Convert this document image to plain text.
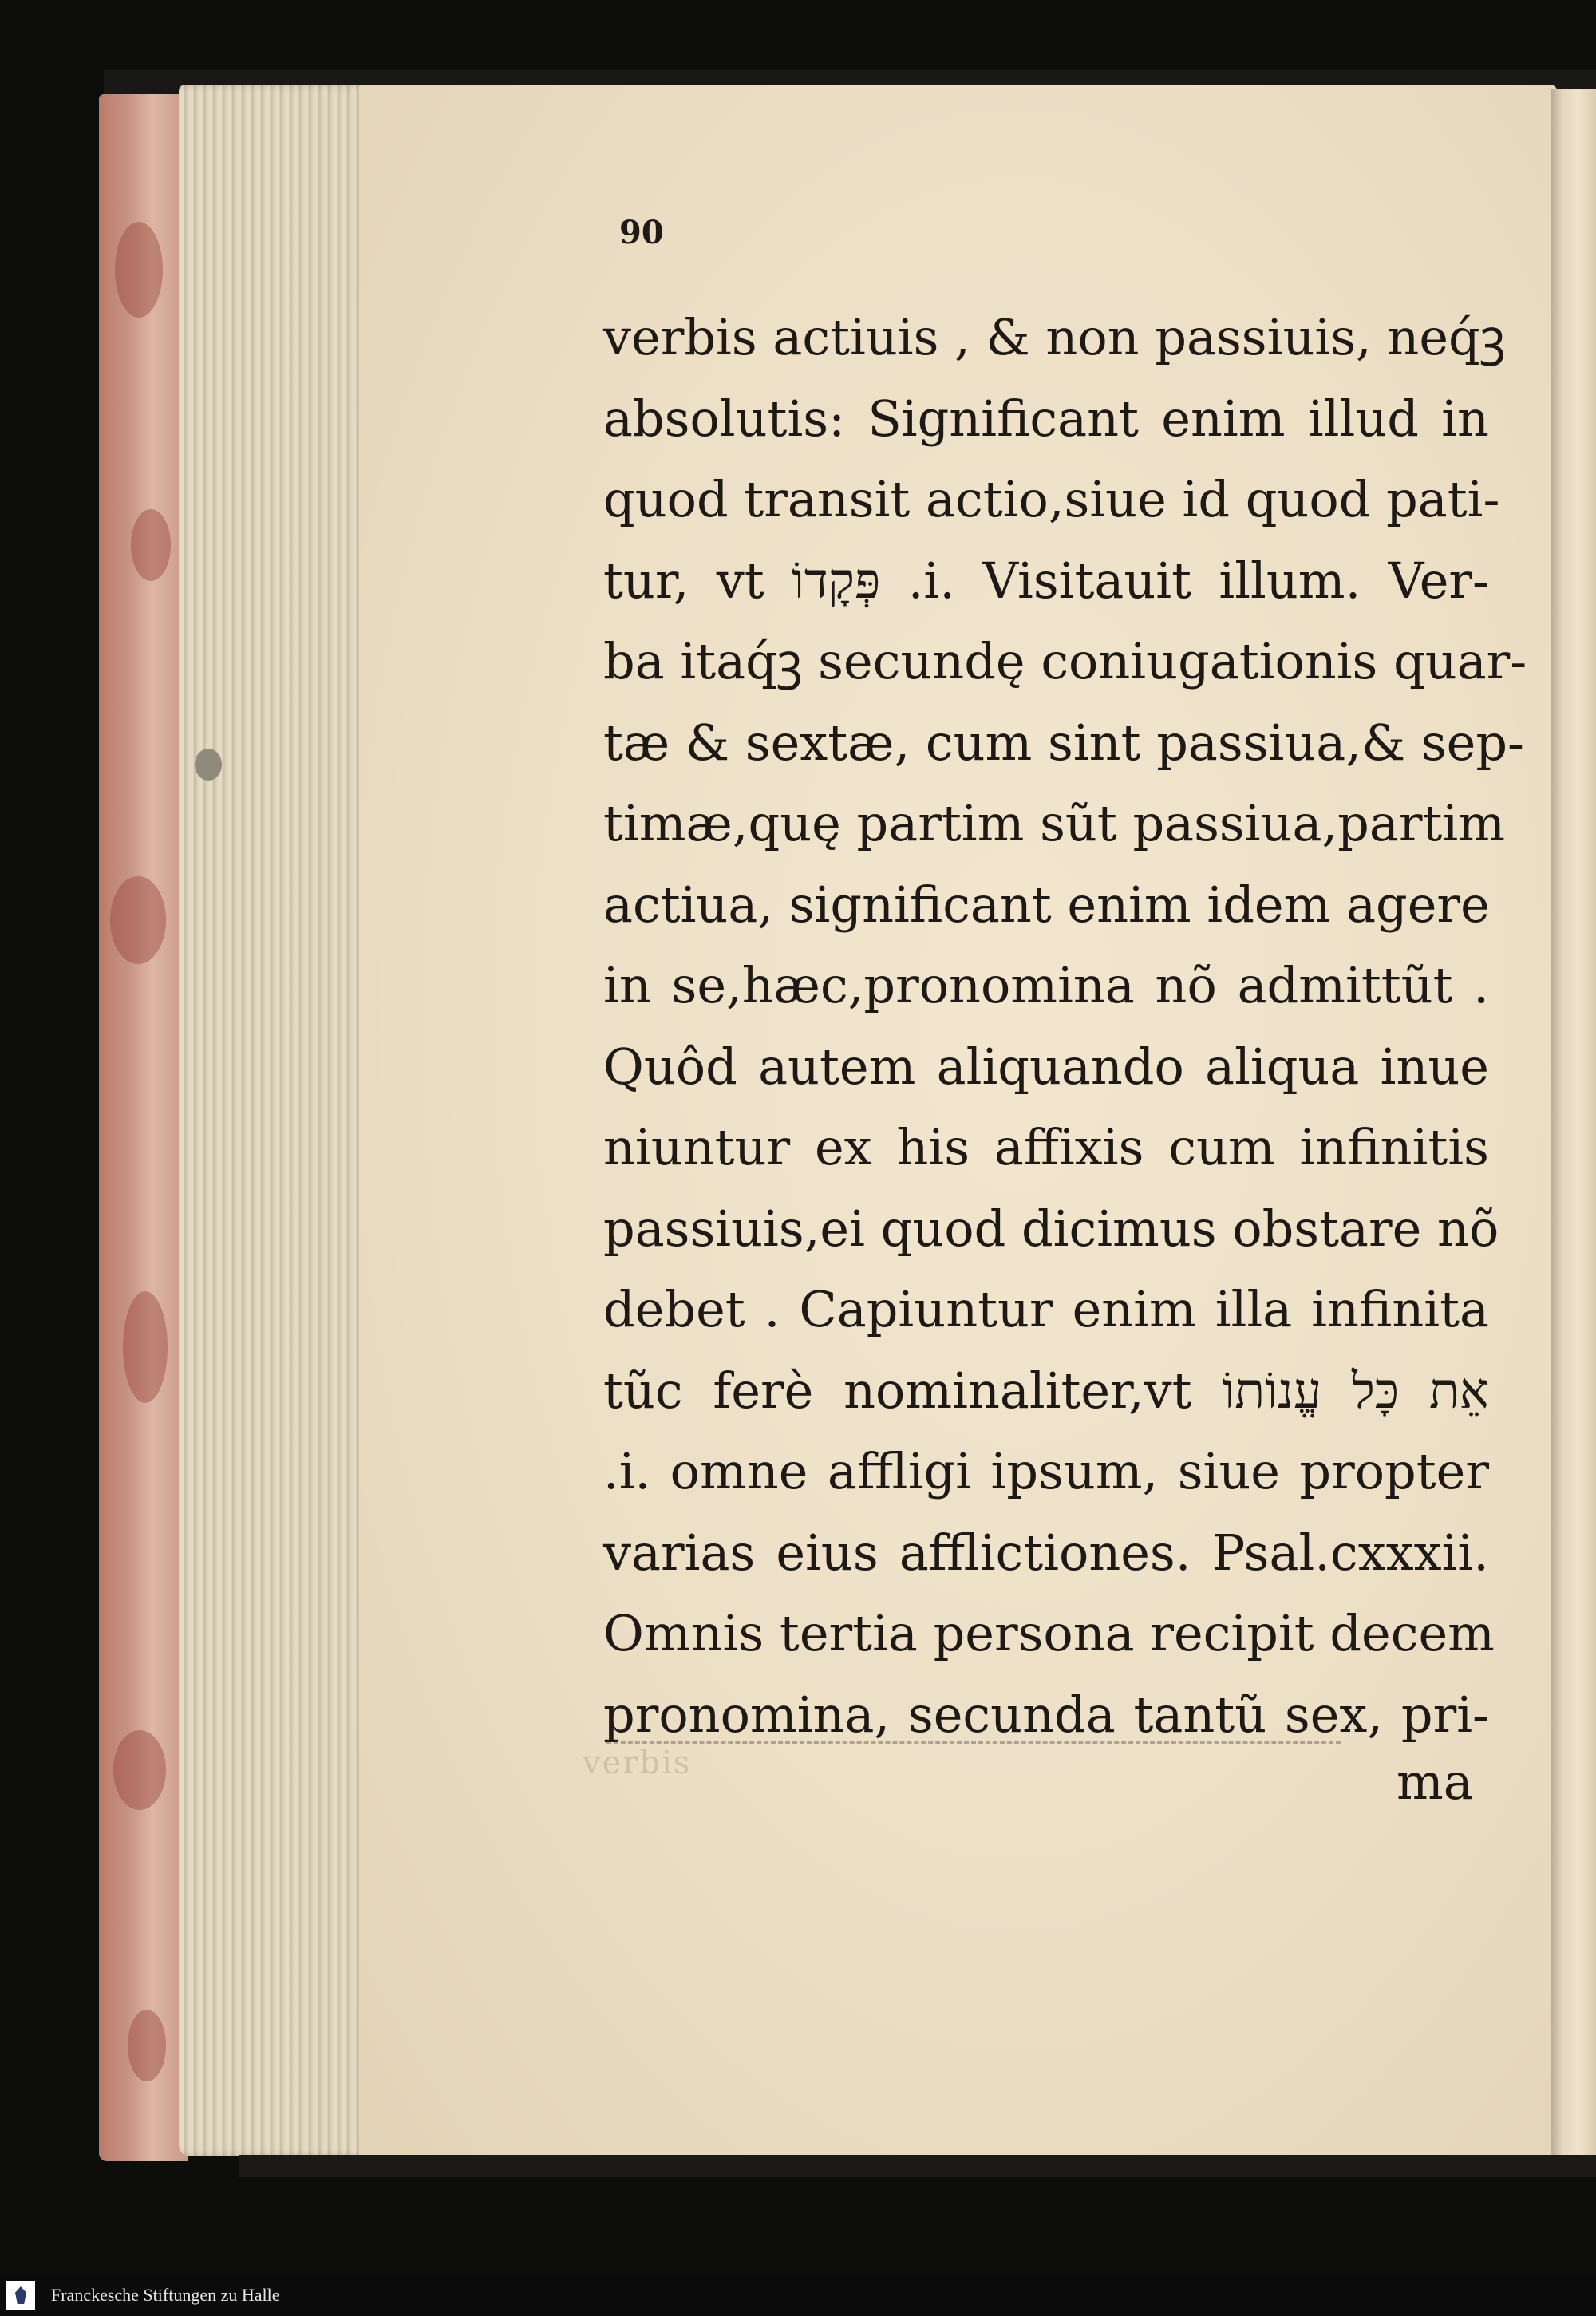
90
verbis actiuis , & non passiuis, neq́ꝫ
absolutis: Significant enim illud in
quod transit actio,siue id quod pati-
tur, vt פְּקָדוֹ .i. Visitauit illum. Ver-
ba itaq́ꝫ secundę coniugationis quar-
tæ & sextæ, cum sint passiua,& sep-
timæ,quę partim sũt passiua,partim
actiua, significant enim idem agere
in se,hæc,pronomina nõ admittũt .
Quôd autem aliquando aliqua inue
niuntur ex his affixis cum infinitis
passiuis,ei quod dicimus obstare nõ
debet . Capiuntur enim illa infinita
tũc ferè nominaliter,vt אֵת כָּל עֱנוֹתוֹ
.i. omne affligi ipsum, siue propter
varias eius afflictiones. Psal.cxxxii.
Omnis tertia persona recipit decem
pronomina, secunda tantũ sex, pri-
verbis	ma
Franckesche Stiftungen zu Halle
